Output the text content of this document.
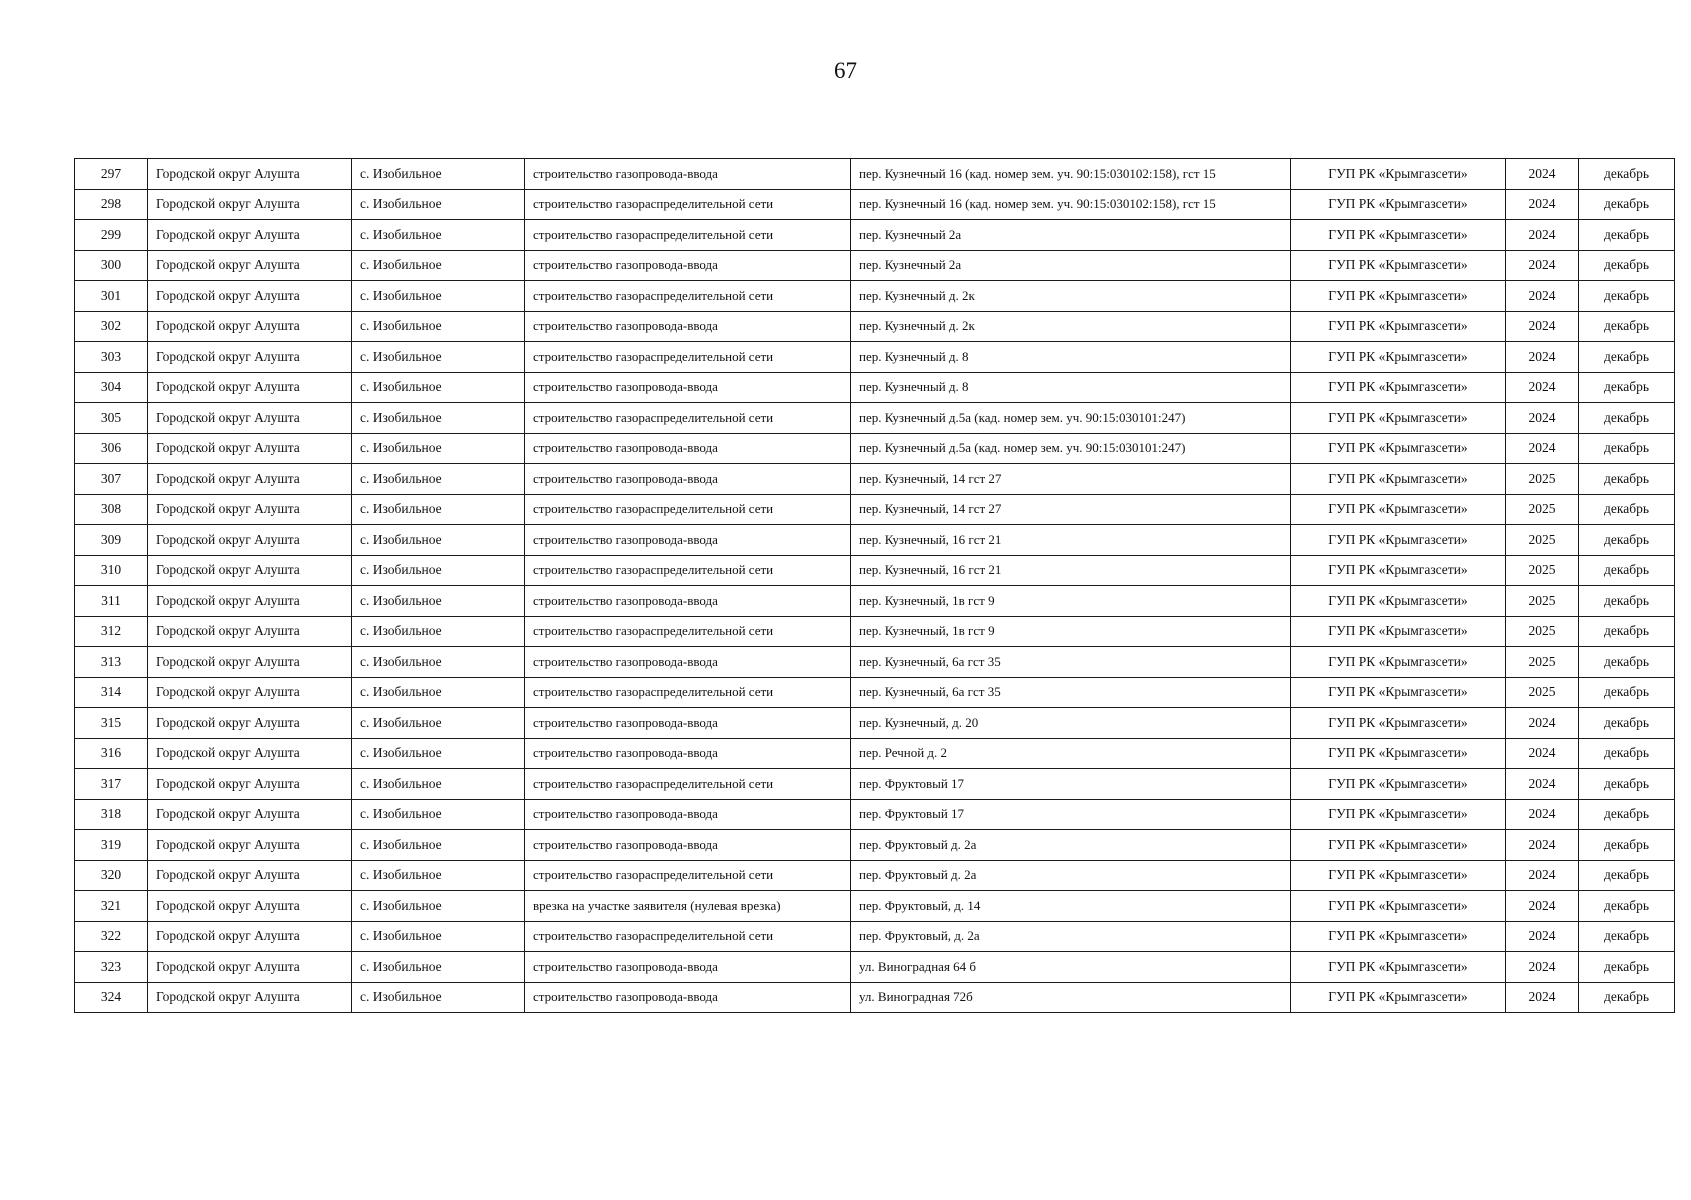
67
297	Городской округ Алушта	с. Изобильное	строительство газопровода-ввода	пер. Кузнечный 16 (кад. номер зем. уч. 90:15:030102:158), гст 15	ГУП РК «Крымгазсети»	2024	декабрь
298	Городской округ Алушта	с. Изобильное	строительство газораспределительной сети	пер. Кузнечный 16 (кад. номер зем. уч. 90:15:030102:158), гст 15	ГУП РК «Крымгазсети»	2024	декабрь
299	Городской округ Алушта	с. Изобильное	строительство газораспределительной сети	пер. Кузнечный 2а	ГУП РК «Крымгазсети»	2024	декабрь
300	Городской округ Алушта	с. Изобильное	строительство газопровода-ввода	пер. Кузнечный 2а	ГУП РК «Крымгазсети»	2024	декабрь
301	Городской округ Алушта	с. Изобильное	строительство газораспределительной сети	пер. Кузнечный д. 2к	ГУП РК «Крымгазсети»	2024	декабрь
302	Городской округ Алушта	с. Изобильное	строительство газопровода-ввода	пер. Кузнечный д. 2к	ГУП РК «Крымгазсети»	2024	декабрь
303	Городской округ Алушта	с. Изобильное	строительство газораспределительной сети	пер. Кузнечный д. 8	ГУП РК «Крымгазсети»	2024	декабрь
304	Городской округ Алушта	с. Изобильное	строительство газопровода-ввода	пер. Кузнечный д. 8	ГУП РК «Крымгазсети»	2024	декабрь
305	Городской округ Алушта	с. Изобильное	строительство газораспределительной сети	пер. Кузнечный д.5а (кад. номер зем. уч. 90:15:030101:247)	ГУП РК «Крымгазсети»	2024	декабрь
306	Городской округ Алушта	с. Изобильное	строительство газопровода-ввода	пер. Кузнечный д.5а (кад. номер зем. уч. 90:15:030101:247)	ГУП РК «Крымгазсети»	2024	декабрь
307	Городской округ Алушта	с. Изобильное	строительство газопровода-ввода	пер. Кузнечный, 14 гст 27	ГУП РК «Крымгазсети»	2025	декабрь
308	Городской округ Алушта	с. Изобильное	строительство газораспределительной сети	пер. Кузнечный, 14 гст 27	ГУП РК «Крымгазсети»	2025	декабрь
309	Городской округ Алушта	с. Изобильное	строительство газопровода-ввода	пер. Кузнечный, 16 гст 21	ГУП РК «Крымгазсети»	2025	декабрь
310	Городской округ Алушта	с. Изобильное	строительство газораспределительной сети	пер. Кузнечный, 16 гст 21	ГУП РК «Крымгазсети»	2025	декабрь
311	Городской округ Алушта	с. Изобильное	строительство газопровода-ввода	пер. Кузнечный, 1в гст 9	ГУП РК «Крымгазсети»	2025	декабрь
312	Городской округ Алушта	с. Изобильное	строительство газораспределительной сети	пер. Кузнечный, 1в гст 9	ГУП РК «Крымгазсети»	2025	декабрь
313	Городской округ Алушта	с. Изобильное	строительство газопровода-ввода	пер. Кузнечный, 6а гст 35	ГУП РК «Крымгазсети»	2025	декабрь
314	Городской округ Алушта	с. Изобильное	строительство газораспределительной сети	пер. Кузнечный, 6а гст 35	ГУП РК «Крымгазсети»	2025	декабрь
315	Городской округ Алушта	с. Изобильное	строительство газопровода-ввода	пер. Кузнечный, д. 20	ГУП РК «Крымгазсети»	2024	декабрь
316	Городской округ Алушта	с. Изобильное	строительство газопровода-ввода	пер. Речной д. 2	ГУП РК «Крымгазсети»	2024	декабрь
317	Городской округ Алушта	с. Изобильное	строительство газораспределительной сети	пер. Фруктовый 17	ГУП РК «Крымгазсети»	2024	декабрь
318	Городской округ Алушта	с. Изобильное	строительство газопровода-ввода	пер. Фруктовый 17	ГУП РК «Крымгазсети»	2024	декабрь
319	Городской округ Алушта	с. Изобильное	строительство газопровода-ввода	пер. Фруктовый д. 2а	ГУП РК «Крымгазсети»	2024	декабрь
320	Городской округ Алушта	с. Изобильное	строительство газораспределительной сети	пер. Фруктовый д. 2а	ГУП РК «Крымгазсети»	2024	декабрь
321	Городской округ Алушта	с. Изобильное	врезка на участке заявителя (нулевая врезка)	пер. Фруктовый, д. 14	ГУП РК «Крымгазсети»	2024	декабрь
322	Городской округ Алушта	с. Изобильное	строительство газораспределительной сети	пер. Фруктовый, д. 2а	ГУП РК «Крымгазсети»	2024	декабрь
323	Городской округ Алушта	с. Изобильное	строительство газопровода-ввода	ул. Виноградная 64 б	ГУП РК «Крымгазсети»	2024	декабрь
324	Городской округ Алушта	с. Изобильное	строительство газопровода-ввода	ул. Виноградная 72б	ГУП РК «Крымгазсети»	2024	декабрь
